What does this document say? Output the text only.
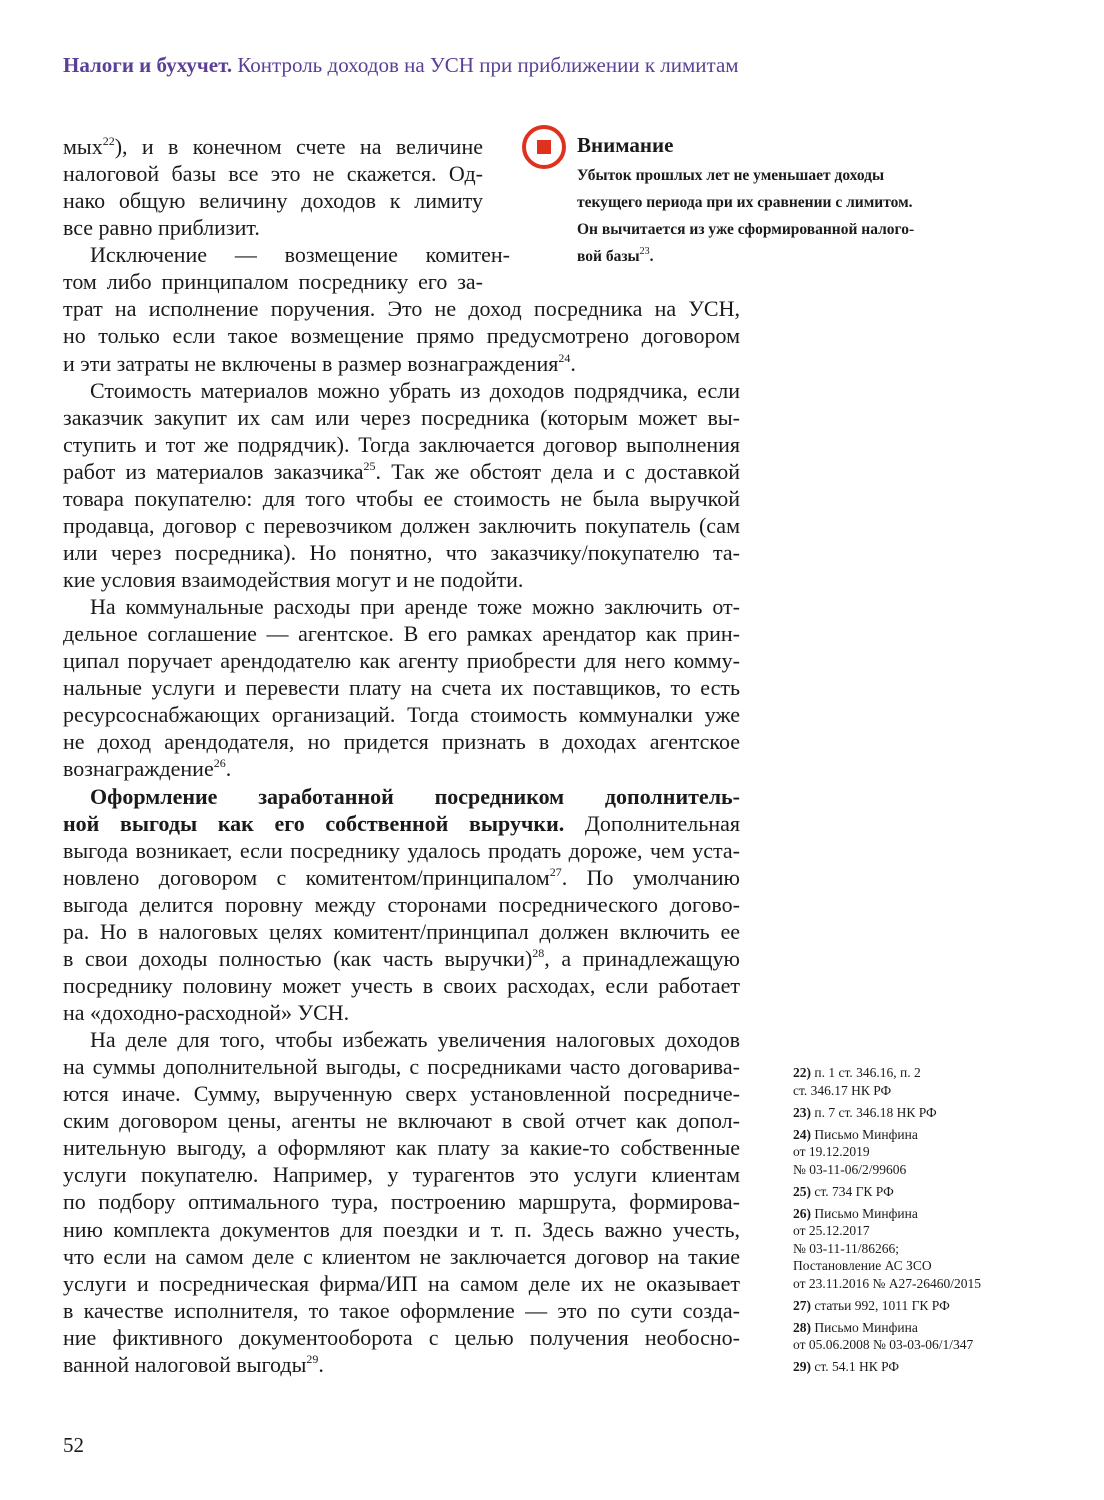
Налоги и бухучет. Контроль доходов на УСН при приближении к лимитам
мых$^{22}$), и в конечном счете на величине
налоговой базы все это не скажется. Од-
нако общую величину доходов к лимиту
все равно приблизит.
Исключение — возмещение комитен-
том либо принципалом посреднику его за-
трат на исполнение поручения. Это не доход посредника на УСН,
но только если такое возмещение прямо предусмотрено договором
и эти затраты не включены в размер вознаграждения$^{24}$.
Стоимость материалов можно убрать из доходов подрядчика, если
заказчик закупит их сам или через посредника (которым может вы-
ступить и тот же подрядчик). Тогда заключается договор выполнения
работ из материалов заказчика$^{25}$. Так же обстоят дела и с доставкой
товара покупателю: для того чтобы ее стоимость не была выручкой
продавца, договор с перевозчиком должен заключить покупатель (сам
или через посредника). Но понятно, что заказчику/покупателю та-
кие условия взаимодействия могут и не подойти.
На коммунальные расходы при аренде тоже можно заключить от-
дельное соглашение — агентское. В его рамках арендатор как прин-
ципал поручает арендодателю как агенту приобрести для него комму-
нальные услуги и перевести плату на счета их поставщиков, то есть
ресурсоснабжающих организаций. Тогда стоимость коммуналки уже
не доход арендодателя, но придется признать в доходах агентское
вознаграждение$^{26}$.
Оформление заработанной посредником дополнитель-
ной выгоды как его собственной выручки. Дополнительная
выгода возникает, если посреднику удалось продать дороже, чем уста-
новлено договором с комитентом/принципалом$^{27}$. По умолчанию
выгода делится поровну между сторонами посреднического догово-
ра. Но в налоговых целях комитент/принципал должен включить ее
в свои доходы полностью (как часть выручки)$^{28}$, а принадлежащую
посреднику половину может учесть в своих расходах, если работает
на «доходно-расходной» УСН.
На деле для того, чтобы избежать увеличения налоговых доходов
на суммы дополнительной выгоды, с посредниками часто договарива-
ются иначе. Сумму, вырученную сверх установленной посредниче-
ским договором цены, агенты не включают в свой отчет как допол-
нительную выгоду, а оформляют как плату за какие-то собственные
услуги покупателю. Например, у турагентов это услуги клиентам
по подбору оптимального тура, построению маршрута, формирова-
нию комплекта документов для поездки и т. п. Здесь важно учесть,
что если на самом деле с клиентом не заключается договор на такие
услуги и посредническая фирма/ИП на самом деле их не оказывает
в качестве исполнителя, то такое оформление — это по сути созда-
ние фиктивного документооборота с целью получения необосно-
ванной налоговой выгоды$^{29}$.
Внимание
Убыток прошлых лет не уменьшает доходы
текущего периода при их сравнении с лимитом.
Он вычитается из уже сформированной налого-
вой базы$^{23}$.
22) п. 1 ст. 346.16, п. 2
ст. 346.17 НК РФ
23) п. 7 ст. 346.18 НК РФ
24) Письмо Минфина
от 19.12.2019
№ 03-11-06/2/99606
25) ст. 734 ГК РФ
26) Письмо Минфина
от 25.12.2017
№ 03-11-11/86266;
Постановление АС ЗСО
от 23.11.2016 № А27-26460/2015
27) статьи 992, 1011 ГК РФ
28) Письмо Минфина
от 05.06.2008 № 03-03-06/1/347
29) ст. 54.1 НК РФ
52
